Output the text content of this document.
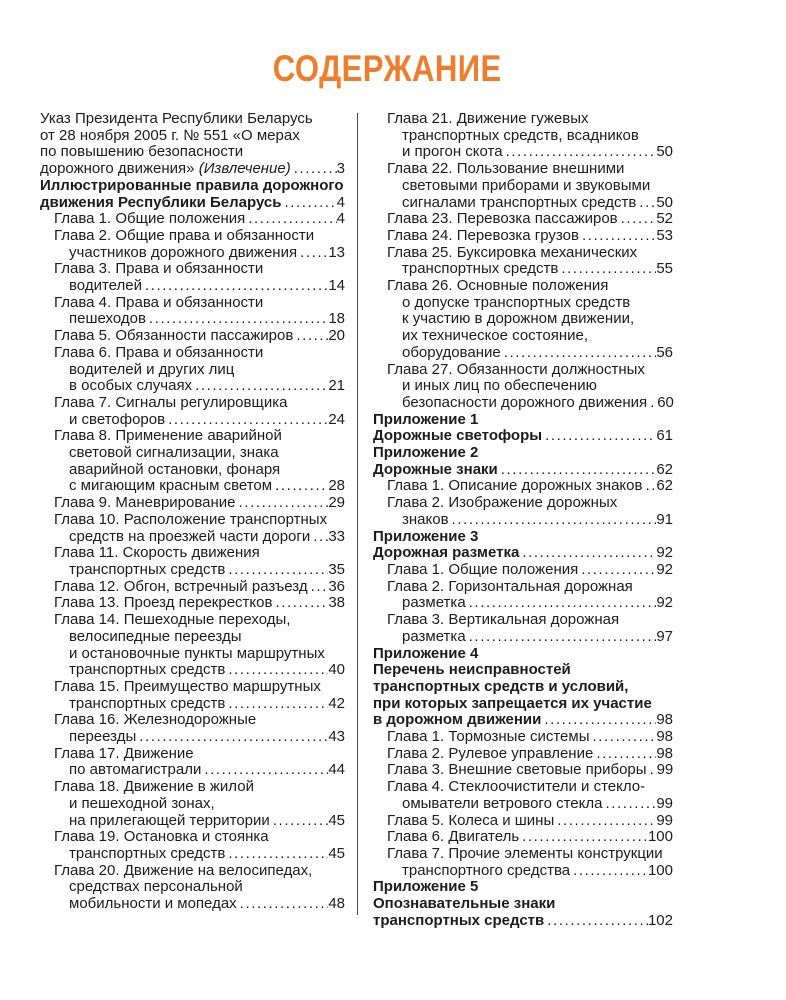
СОДЕРЖАНИЕ
Указ Президента Республики Беларусь
от 28 ноября 2005 г. № 551 «О мерах
по повышению безопасности
дорожного движения» (Извлечение) .....	3
Иллюстрированные правила дорожного
движения Республики Беларусь .....	4
Глава 1. Общие положения .....	4
Глава 2. Общие права и обязанности
участников дорожного движения ..... 13
Глава 3. Права и обязанности
водителей .....	14
Глава 4. Права и обязанности
пешеходов .....	18
Глава 5. Обязанности пассажиров ..... 20
Глава 6. Права и обязанности
водителей и других лиц
в особых случаях .....	21
Глава 7. Сигналы регулировщика
и светофоров .....	24
Глава 8. Применение аварийной
световой сигнализации, знака
аварийной остановки, фонаря
с мигающим красным светом .....	28
Глава 9. Маневрирование .....	29
Глава 10. Расположение транспортных
средств на проезжей части дороги ..... 33
Глава 11. Скорость движения
транспортных средств .....	35
Глава 12. Обгон, встречный разъезд ..... 36
Глава 13. Проезд перекрестков .....	38
Глава 14. Пешеходные переходы,
велосипедные переезды
и остановочные пункты маршрутных
транспортных средств .....	40
Глава 15. Преимущество маршрутных
транспортных средств .....	42
Глава 16. Железнодорожные
переезды .....	43
Глава 17. Движение
по автомагистрали .....	44
Глава 18. Движение в жилой
и пешеходной зонах,
на прилегающей территории .....	45
Глава 19. Остановка и стоянка
транспортных средств .....	45
Глава 20. Движение на велосипедах,
средствах персональной
мобильности и мопедах .....	48
Глава 21. Движение гужевых
транспортных средств, всадников
и прогон скота .....	50
Глава 22. Пользование внешними
световыми приборами и звуковыми
сигналами транспортных средств ..... 50
Глава 23. Перевозка пассажиров .....	52
Глава 24. Перевозка грузов .....	53
Глава 25. Буксировка механических
транспортных средств .....	55
Глава 26. Основные положения
о допуске транспортных средств
к участию в дорожном движении,
их техническое состояние,
оборудование .....	56
Глава 27. Обязанности должностных
и иных лиц по обеспечению
безопасности дорожного движения ..... 60
Приложение 1
Дорожные светофоры .....	61
Приложение 2
Дорожные знаки .....	62
Глава 1. Описание дорожных знаков ..... 62
Глава 2. Изображение дорожных
знаков .....	91
Приложение 3
Дорожная разметка .....	92
Глава 1. Общие положения .....	92
Глава 2. Горизонтальная дорожная
разметка .....	92
Глава 3. Вертикальная дорожная
разметка .....	97
Приложение 4
Перечень неисправностей
транспортных средств и условий,
при которых запрещается их участие
в дорожном движении .....	98
Глава 1. Тормозные системы .....	98
Глава 2. Рулевое управление .....	98
Глава 3. Внешние световые приборы ..... 99
Глава 4. Стеклоочистители и стекло-
омыватели ветрового стекла .....	99
Глава 5. Колеса и шины .....	99
Глава 6. Двигатель .....	100
Глава 7. Прочие элементы конструкции
транспортного средства .....	100
Приложение 5
Опознавательные знаки
транспортных средств .....	102
